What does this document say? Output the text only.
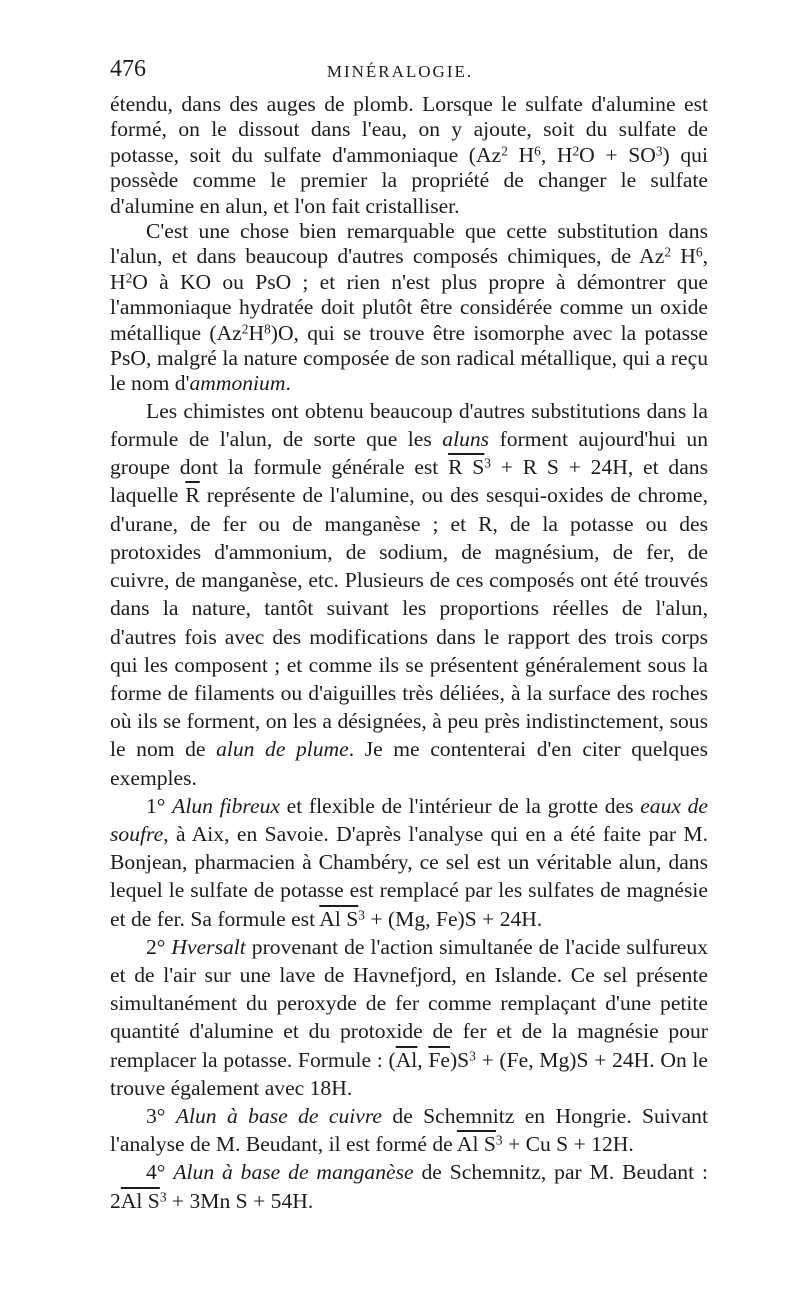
476	MINÉRALOGIE.

étendu, dans des auges de plomb. Lorsque le sulfate d'alumine est formé, on le dissout dans l'eau, on y ajoute, soit du sulfate de potasse, soit du sulfate d'ammoniaque (Az$^2$ $H^6$, $H^2O + SO^3$) qui possède comme le premier la propriété de changer le sulfate d'alumine en alun, et l'on fait cristalliser.

C'est une chose bien remarquable que cette substitution dans l'alun, et dans beaucoup d'autres composés chimiques, de Az$^2$ $H^6$, $H^2O$ à KO ou PsO ; et rien n'est plus propre à démontrer que l'ammoniaque hydratée doit plutôt être considérée comme un oxide métallique $(Az^2H^8)O$, qui se trouve être isomorphe avec la potasse PsO, malgré la nature composée de son radical métallique, qui a reçu le nom d'ammonium.

Les chimistes ont obtenu beaucoup d'autres substitutions dans la formule de l'alun, de sorte que les aluns forment aujourd'hui un groupe dont la formule générale est $\overline{R}$ $S^3 + R$ S + 24H, et dans laquelle $\overline{R}$ représente de l'alumine, ou des sesqui-oxides de chrome, d'urane, de fer ou de manganèse ; et R, de la potasse ou des protoxides d'ammonium, de sodium, de magnésium, de fer, de cuivre, de manganèse, etc. Plusieurs de ces composés ont été trouvés dans la nature, tantôt suivant les proportions réelles de l'alun, d'autres fois avec des modifications dans le rapport des trois corps qui les composent ; et comme ils se présentent généralement sous la forme de filaments ou d'aiguilles très déliées, à la surface des roches où ils se forment, on les a désignées, à peu près indistinctement, sous le nom de alun de plume. Je me contenterai d'en citer quelques exemples.

1° Alun fibreux et flexible de l'intérieur de la grotte des eaux de soufre, à Aix, en Savoie. D'après l'analyse qui en a été faite par M. Bonjean, pharmacien à Chambéry, ce sel est un véritable alun, dans lequel le sulfate de potasse est remplacé par les sulfates de magnésie et de fer. Sa formule est $\overline{Al}$ $S^3 + (Mg$, Fe)S + 24H.

2° Hversalt provenant de l'action simultanée de l'acide sulfureux et de l'air sur une lave de Havnefjord, en Islande. Ce sel présente simultanément du peroxyde de fer comme remplaçant d'une petite quantité d'alumine et du protoxide de fer et de la magnésie pour remplacer la potasse. Formule : ($\overline{Al}$, $\overline{Fe})S^3 + (Fe$, Mg)S + 24H. On le trouve également avec 18H.

3° Alun à base de cuivre de Schemnitz en Hongrie. Suivant l'analyse de M. Beudant, il est formé de $\overline{Al}$ $S^3 + Cu$ S + 12H.

4° Alun à base de manganèse de Schemnitz, par M. Beudant : $2\overline{Al}$ $S^3 + 3Mn$ S + 54H.
